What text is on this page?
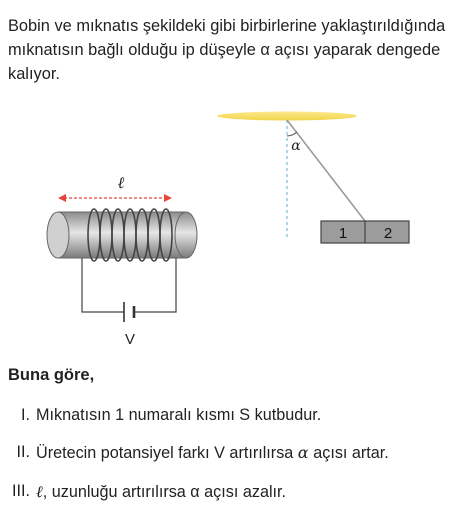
Bobin ve mıknatıs şekildeki gibi birbirlerine yaklaştırıldığında mıknatısın bağlı olduğu ip düşeyle α açısı yaparak dengede kalıyor.

ℓ
V
α
1 2

Buna göre,

I. Mıknatısın 1 numaralı kısmı S kutbudur.
II. Üretecin potansiyel farkı V artırılırsa α açısı artar.
III. ℓ, uzunluğu artırılırsa α açısı azalır.
